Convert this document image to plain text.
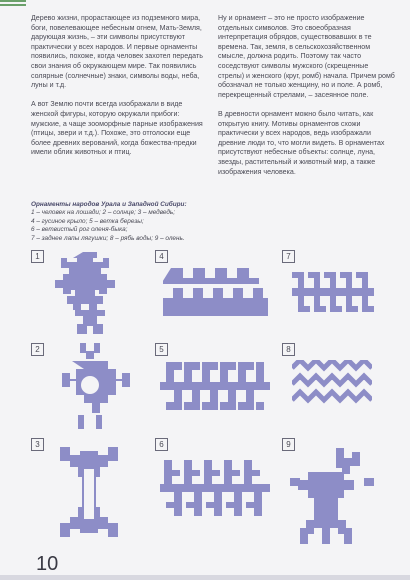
Дерево жизни, прорастающее из подземного мира, боги, повелевающее небесным огнем, Мать-Земля, дарующая жизнь, – эти символы присутствуют практически у всех народов. И первые орнаменты появились, похоже, когда человек захотел передать свои знания об окружающем мире. Так появились солярные (солнечные) знаки, символы воды, неба, луны и т.д.

А вот Землю почти всегда изображали в виде женской фигуры, которую окружали прибоги: мужские, а чаще зооморфные парные изображения (птицы, звери и т.д.). Похоже, это отголоски еще более древних верований, когда божества-предки имели облик животных и птиц.

Ну и орнамент – это не просто изображение отдельных символов. Это своеобразная интерпретация обрядов, существовавших в те времена. Так, земля, в сельскохозяйственном смысле, должна родить. Поэтому так часто соседствуют символы мужского (скрещенные стрелы) и женского (круг, ромб) начала. Причем ромб обозначал не только женщину, но и поле. А ромб, перекрещенный стрелами, – засеянное поле.

В древности орнамент можно было читать, как открытую книгу. Мотивы орнаментов схожи практически у всех народов, ведь изображали древние люди то, что могли видеть. В орнаментах присутствуют небесные объекты: солнце, луна, звезды, растительный и животный мир, а также изображения человека.

Орнаменты народов Урала и Западной Сибири:
1 – человек на лошади; 2 – солнце; 3 – медведь;
4 – гусиное крыло; 5 – ветка березы;
6 – ветвистый рог оленя-быка;
7 – заднее лапы лягушки; 8 – рябь воды; 9 – олень.
1	4	7
2	5	8
3	6	9
10
